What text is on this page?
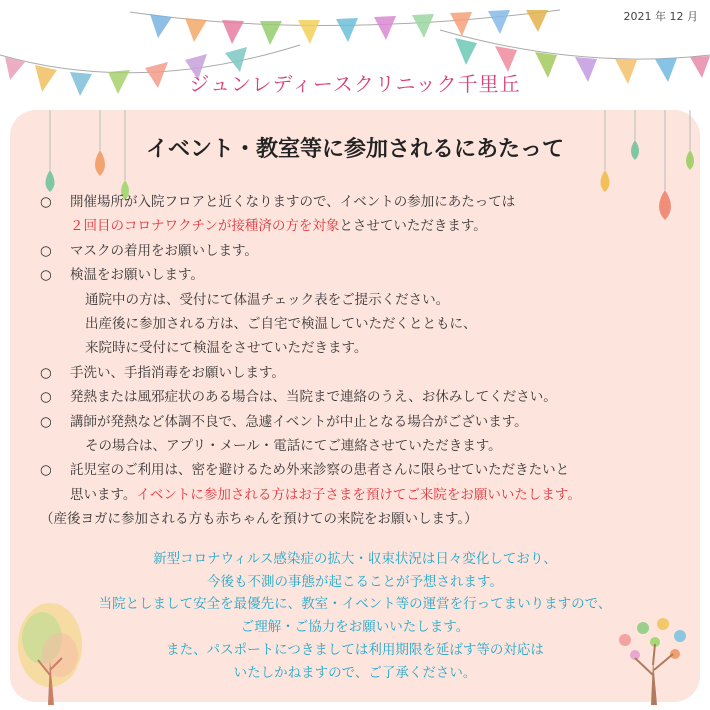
2021 年 12 月
ジュンレディースクリニック千里丘
イベント・教室等に参加されるにあたって
○	開催場所が入院フロアと近くなりますので、イベントの参加にあたっては
２回目のコロナワクチンが接種済の方を対象とさせていただきます。
○	マスクの着用をお願いします。
○	検温をお願いします。
通院中の方は、受付にて体温チェック表をご提示ください。
出産後に参加される方は、ご自宅で検温していただくとともに、
来院時に受付にて検温をさせていただきます。
○	手洗い、手指消毒をお願いします。
○	発熱または風邪症状のある場合は、当院まで連絡のうえ、お休みしてください。
○	講師が発熱など体調不良で、急遽イベントが中止となる場合がございます。
その場合は、アプリ・メール・電話にてご連絡させていただきます。
○	託児室のご利用は、密を避けるため外来診察の患者さんに限らせていただきたいと
思います。イベントに参加される方はお子さまを預けてご来院をお願いいたします。
（産後ヨガに参加される方も赤ちゃんを預けての来院をお願いします。）
新型コロナウィルス感染症の拡大・収束状況は日々変化しており、
今後も不測の事態が起こることが予想されます。
当院としまして安全を最優先に、教室・イベント等の運営を行ってまいりますので、
ご理解・ご協力をお願いいたします。
また、パスポートにつきましては利用期限を延ばす等の対応は
いたしかねますので、ご了承ください。
